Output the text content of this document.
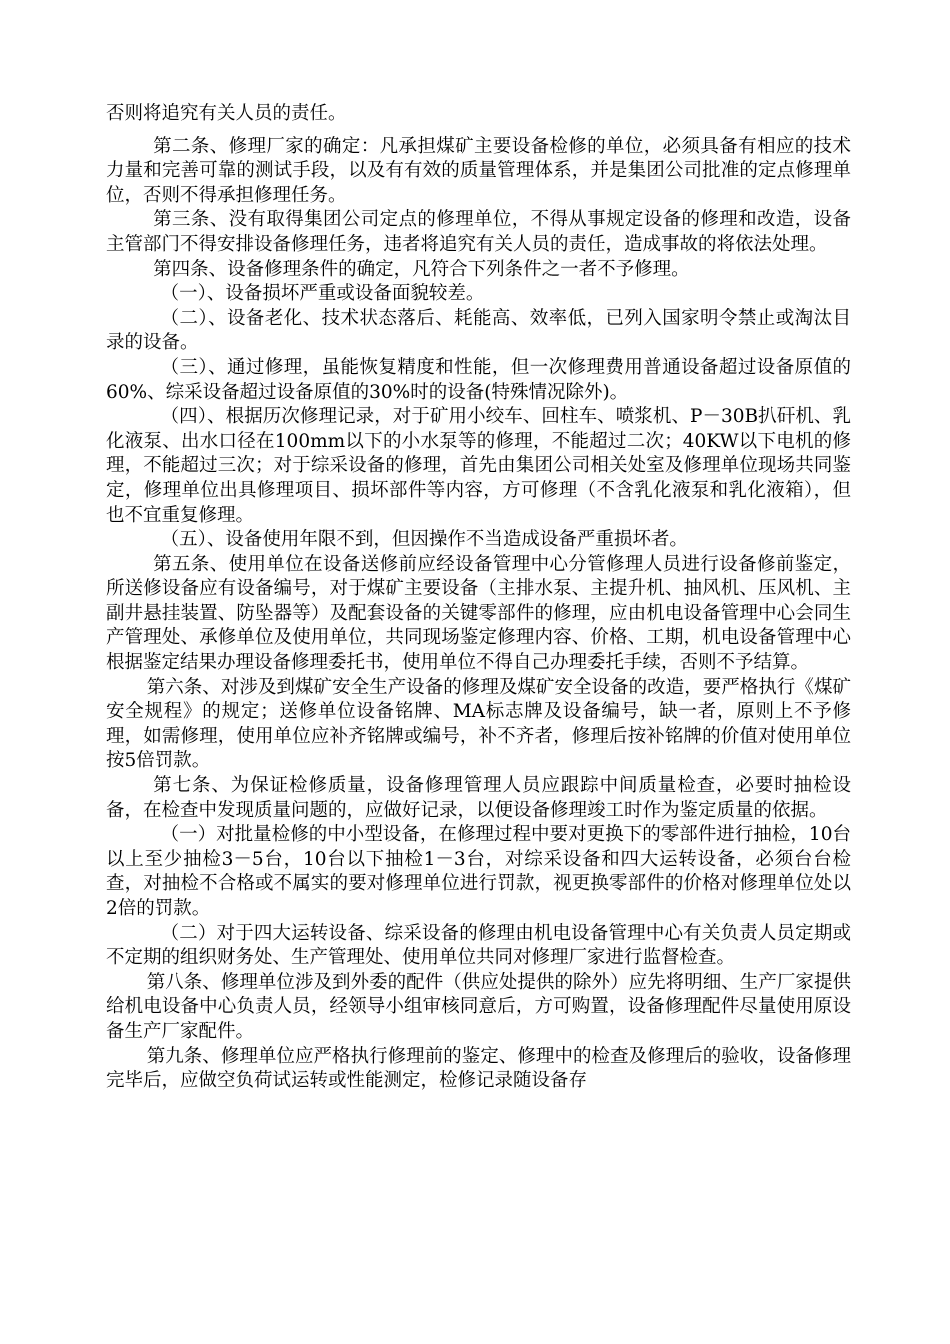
否则将追究有关人员的责任。

第二条、修理厂家的确定：凡承担煤矿主要设备检修的单位，必须具备有相应的技术力量和完善可靠的测试手段，以及有有效的质量管理体系，并是集团公司批准的定点修理单位，否则不得承担修理任务。

第三条、没有取得集团公司定点的修理单位，不得从事规定设备的修理和改造，设备主管部门不得安排设备修理任务，违者将追究有关人员的责任，造成事故的将依法处理。

第四条、设备修理条件的确定，凡符合下列条件之一者不予修理。

（一）、设备损坏严重或设备面貌较差。

（二）、设备老化、技术状态落后、耗能高、效率低，已列入国家明令禁止或淘汰目录的设备。

（三）、通过修理，虽能恢复精度和性能，但一次修理费用普通设备超过设备原值的60%、综采设备超过设备原值的30%时的设备(特殊情况除外)。

（四）、根据历次修理记录，对于矿用小绞车、回柱车、喷浆机、P－30B扒矸机、乳化液泵、出水口径在100mm以下的小水泵等的修理，不能超过二次；40KW以下电机的修理，不能超过三次；对于综采设备的修理，首先由集团公司相关处室及修理单位现场共同鉴定，修理单位出具修理项目、损坏部件等内容，方可修理（不含乳化液泵和乳化液箱），但也不宜重复修理。

（五）、设备使用年限不到，但因操作不当造成设备严重损坏者。

第五条、使用单位在设备送修前应经设备管理中心分管修理人员进行设备修前鉴定，所送修设备应有设备编号，对于煤矿主要设备（主排水泵、主提升机、抽风机、压风机、主副井悬挂装置、防坠器等）及配套设备的关键零部件的修理，应由机电设备管理中心会同生产管理处、承修单位及使用单位，共同现场鉴定修理内容、价格、工期，机电设备管理中心根据鉴定结果办理设备修理委托书，使用单位不得自己办理委托手续，否则不予结算。

第六条、对涉及到煤矿安全生产设备的修理及煤矿安全设备的改造，要严格执行《煤矿安全规程》的规定；送修单位设备铭牌、MA标志牌及设备编号，缺一者，原则上不予修理，如需修理，使用单位应补齐铭牌或编号，补不齐者，修理后按补铭牌的价值对使用单位按5倍罚款。

第七条、为保证检修质量，设备修理管理人员应跟踪中间质量检查，必要时抽检设备，在检查中发现质量问题的，应做好记录，以便设备修理竣工时作为鉴定质量的依据。

（一）对批量检修的中小型设备，在修理过程中要对更换下的零部件进行抽检，10台以上至少抽检3－5台，10台以下抽检1－3台，对综采设备和四大运转设备，必须台台检查，对抽检不合格或不属实的要对修理单位进行罚款，视更换零部件的价格对修理单位处以2倍的罚款。

（二）对于四大运转设备、综采设备的修理由机电设备管理中心有关负责人员定期或不定期的组织财务处、生产管理处、使用单位共同对修理厂家进行监督检查。

第八条、修理单位涉及到外委的配件（供应处提供的除外）应先将明细、生产厂家提供给机电设备中心负责人员，经领导小组审核同意后，方可购置，设备修理配件尽量使用原设备生产厂家配件。

第九条、修理单位应严格执行修理前的鉴定、修理中的检查及修理后的验收，设备修理完毕后，应做空负荷试运转或性能测定，检修记录随设备存
